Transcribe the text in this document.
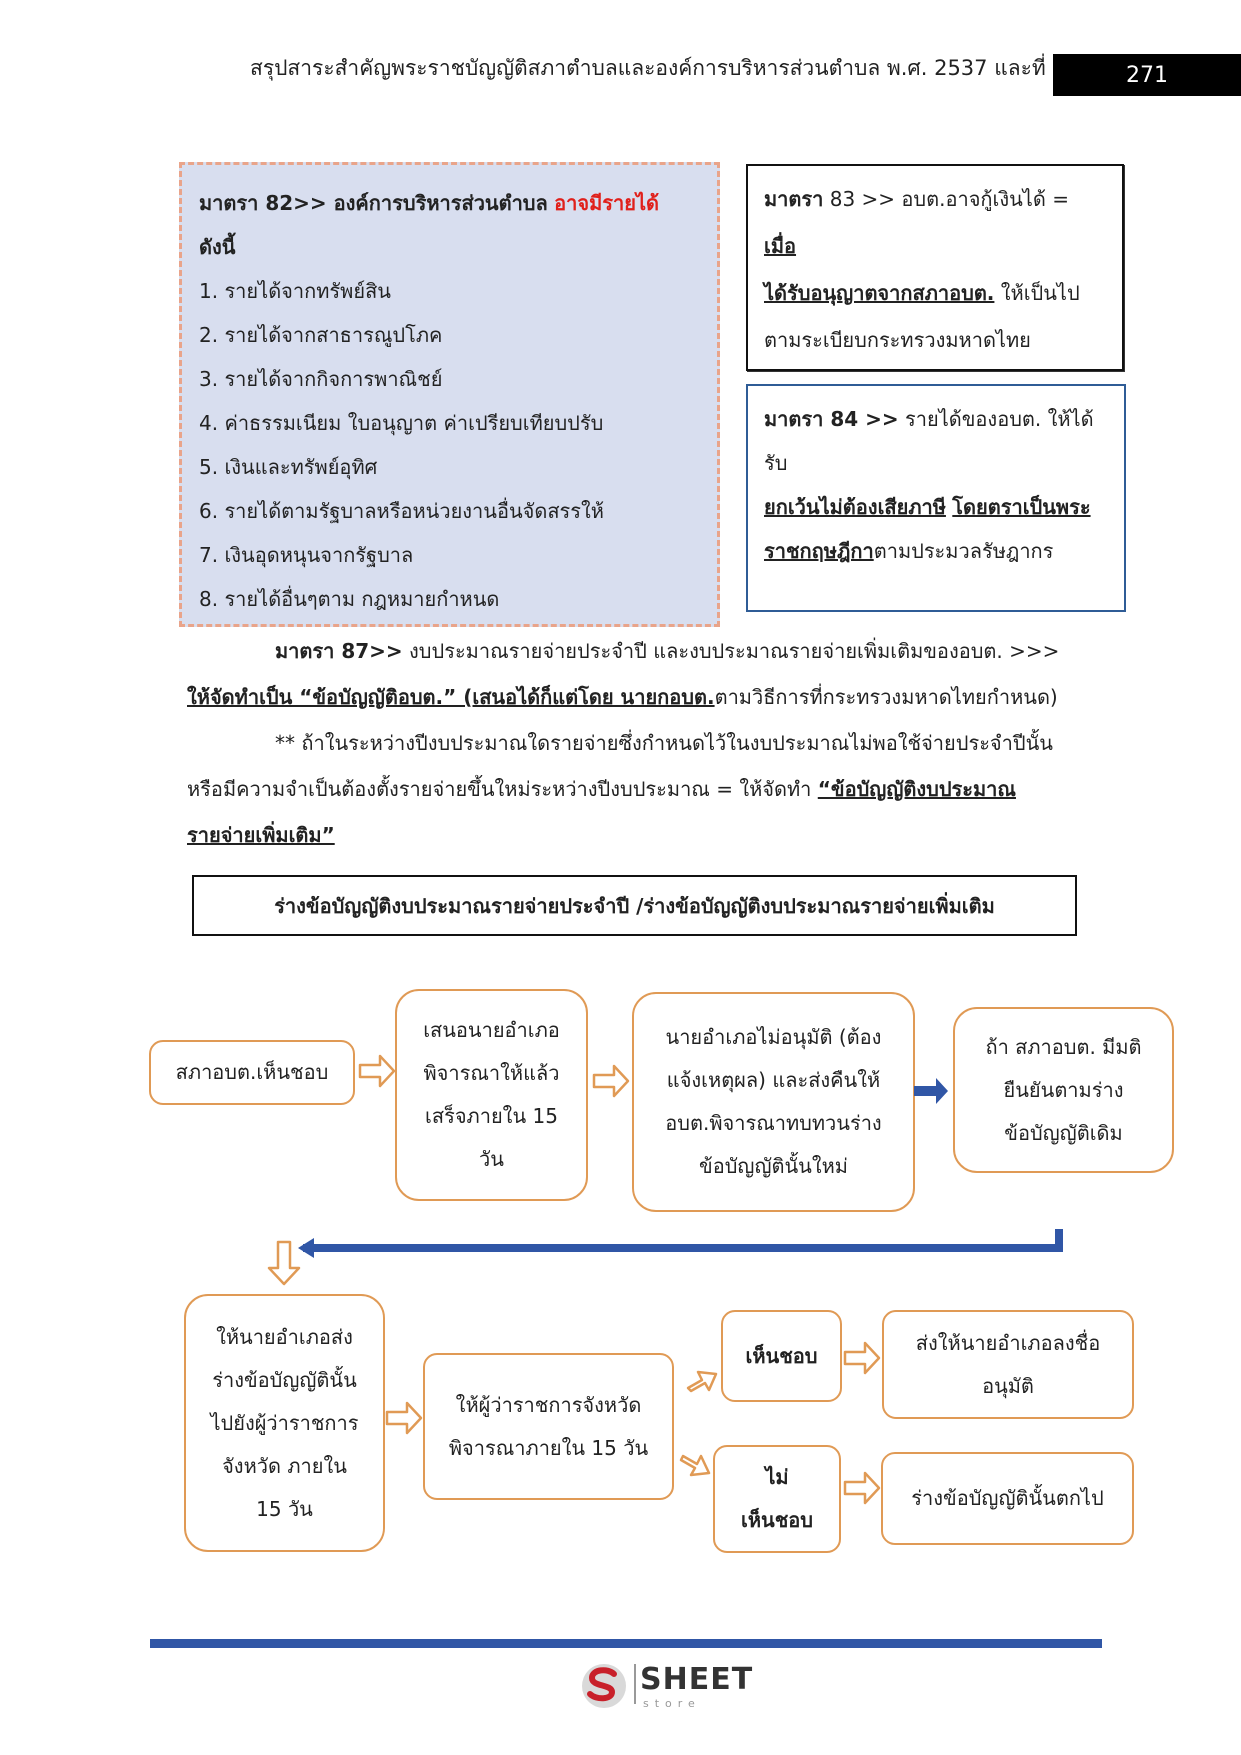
สรุปสาระสำคัญพระราชบัญญัติสภาตำบลและองค์การบริหารส่วนตำบล พ.ศ. 2537 และที่	271
มาตรา 82>> องค์การบริหารส่วนตำบล อาจมีรายได้
ดังนี้
1. รายได้จากทรัพย์สิน
2. รายได้จากสาธารณูปโภค
3. รายได้จากกิจการพาณิชย์
4. ค่าธรรมเนียม ใบอนุญาต ค่าเปรียบเทียบปรับ
5. เงินและทรัพย์อุทิศ
6. รายได้ตามรัฐบาลหรือหน่วยงานอื่นจัดสรรให้
7. เงินอุดหนุนจากรัฐบาล
8. รายได้อื่นๆตาม กฎหมายกำหนด
มาตรา 83 >> อบต.อาจกู้เงินได้ = เมื่อ
ได้รับอนุญาตจากสภาอบต. ให้เป็นไป
ตามระเบียบกระทรวงมหาดไทย
มาตรา 84 >> รายได้ของอบต. ให้ได้รับ
ยกเว้นไม่ต้องเสียภาษี โดยตราเป็นพระ
ราชกฤษฎีกาตามประมวลรัษฎากร
มาตรา 87>> งบประมาณรายจ่ายประจำปี และงบประมาณรายจ่ายเพิ่มเติมของอบต. >>>
ให้จัดทำเป็น “ข้อบัญญัติอบต.” (เสนอได้ก็แต่โดย นายกอบต.ตามวิธีการที่กระทรวงมหาดไทยกำหนด)
** ถ้าในระหว่างปีงบประมาณใดรายจ่ายซึ่งกำหนดไว้ในงบประมาณไม่พอใช้จ่ายประจำปีนั้น
หรือมีความจำเป็นต้องตั้งรายจ่ายขึ้นใหม่ระหว่างปีงบประมาณ = ให้จัดทำ “ข้อบัญญัติงบประมาณ
รายจ่ายเพิ่มเติม”
ร่างข้อบัญญัติงบประมาณรายจ่ายประจำปี /ร่างข้อบัญญัติงบประมาณรายจ่ายเพิ่มเติม
สภาอบต.เห็นชอบ
เสนอนายอำเภอ
พิจารณาให้แล้ว
เสร็จภายใน 15
วัน
นายอำเภอไม่อนุมัติ (ต้อง
แจ้งเหตุผล) และส่งคืนให้
อบต.พิจารณาทบทวนร่าง
ข้อบัญญัตินั้นใหม่
ถ้า สภาอบต. มีมติ
ยืนยันตามร่าง
ข้อบัญญัติเดิม
ให้นายอำเภอส่ง
ร่างข้อบัญญัตินั้น
ไปยังผู้ว่าราชการ
จังหวัด ภายใน
15 วัน
ให้ผู้ว่าราชการจังหวัด
พิจารณาภายใน 15 วัน
เห็นชอบ
ไม่
เห็นชอบ
ส่งให้นายอำเภอลงชื่อ
อนุมัติ
ร่างข้อบัญญัตินั้นตกไป
SHEET
store
